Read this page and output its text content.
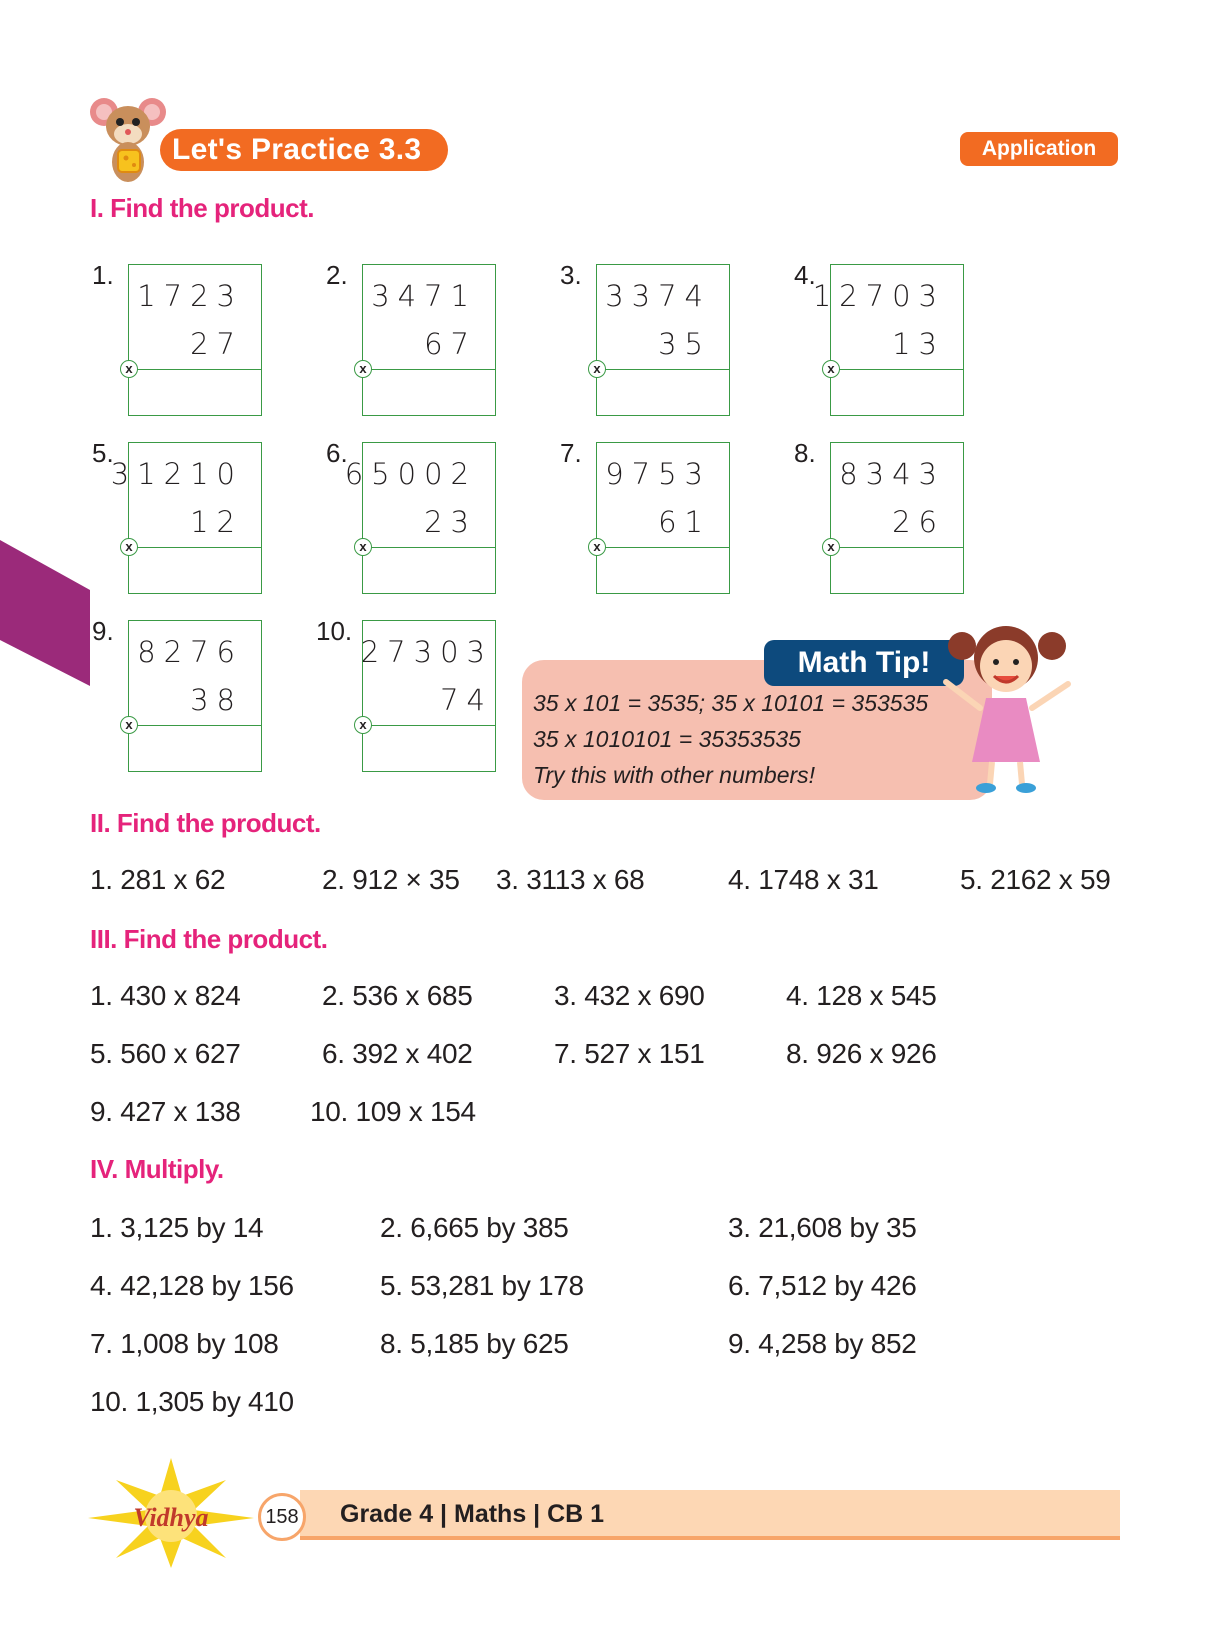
Let's Practice 3.3	Application
I. Find the product.
1.
1723
27
x
2.
3471
67
x
3.
3374
35
x
4.
12703
13
x
5.
31210
12
x
6.
65002
23
x
7.
9753
61
x
8.
8343
26
x
9.
8276
38
x
10.
27303
74
x
Math Tip!
35 x 101 = 3535; 35 x 10101 = 353535
35 x 1010101 = 35353535
Try this with other numbers!
II. Find the product.
1. 281 x 62	2. 912 × 35 3. 3113 x 68	4. 1748 x 31	5. 2162 x 59
III. Find the product.
1. 430 x 824	2. 536 x 685	3. 432 x 690	4. 128 x 545
5. 560 x 627	6. 392 x 402	7. 527 x 151	8. 926 x 926
9. 427 x 138 10. 109 x 154
IV. Multiply.
1. 3,125 by 14	2. 6,665 by 385	3. 21,608 by 35
4. 42,128 by 156	5. 53,281 by 178	6. 7,512 by 426
7. 1,008 by 108	8. 5,185 by 625	9. 4,258 by 852
10. 1,305 by 410
Grade 4 | Maths | CB 1
158
Vidhya
